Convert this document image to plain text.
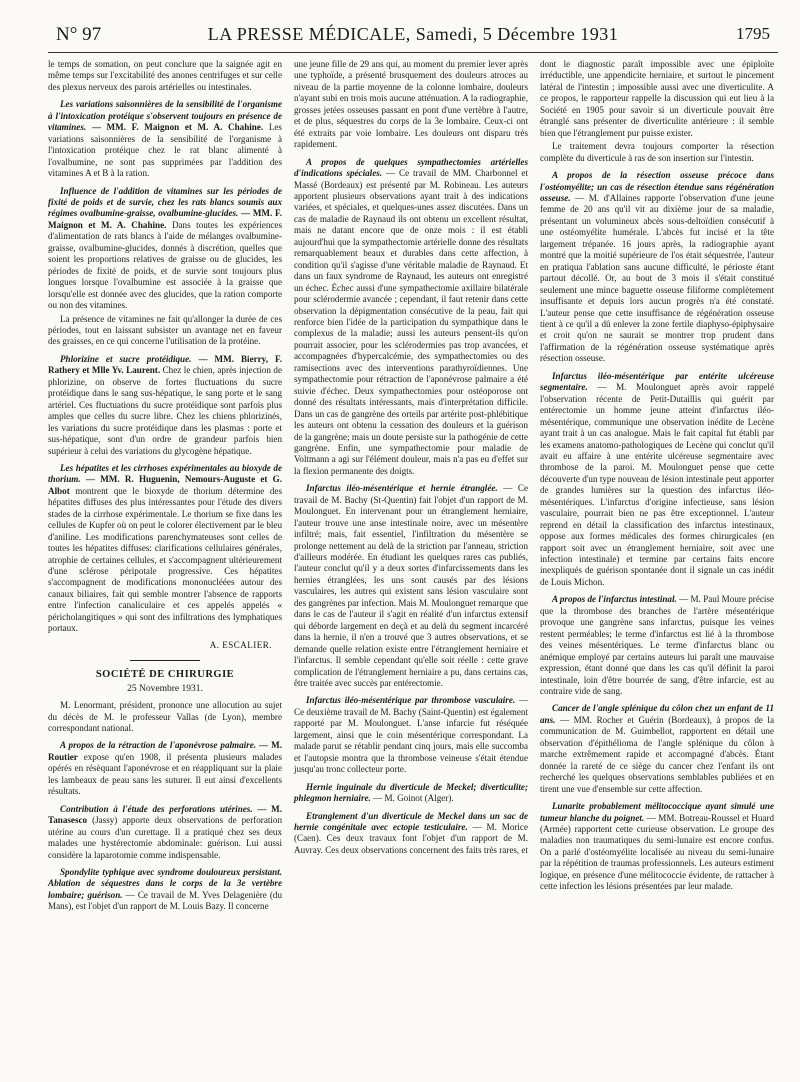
N° 97	LA PRESSE MÉDICALE, Samedi, 5 Décembre 1931	1795

le temps de somation, on peut conclure que la saignée agit en même temps sur l'excitabilité des anones centrifuges et sur celle des plexus nerveux des parois artérielles ou intestinales.

Les variations saisonnières de la sensibilité de l'organisme à l'intoxication protéique s'observent toujours en présence de vitamines. — MM. F. Maignon et M. A. Chahine. Les variations saisonnières de la sensibilité de l'organisme à l'intoxication protéique chez le rat blanc alimenté à l'ovalbumine, ne sont pas supprimées par l'addition des vitamines A et B à la ration.

Influence de l'addition de vitamines sur les périodes de fixité de poids et de survie, chez les rats blancs soumis aux régimes ovalbumine-graisse, ovalbumine-glucides. — MM. F. Maignon et M. A. Chahine. Dans toutes les expériences d'alimentation de rats blancs à l'aide de mélanges ovalbumine-graisse, ovalbumine-glucides, donnés à discrétion, quelles que soient les proportions relatives de graisse ou de glucides, les périodes de fixité de poids, et de survie sont toujours plus longues lorsque l'ovalbumine est associée à la graisse que lorsqu'elle est donnée avec des glucides, que la ration comporte ou non des vitamines.

La présence de vitamines ne fait qu'allonger la durée de ces périodes, tout en laissant subsister un avantage net en faveur des graisses, en ce qui concerne l'utilisation de la protéine.

Phlorizine et sucre protéidique. — MM. Bierry, F. Rathery et Mlle Yv. Laurent. Chez le chien, après injection de phlorizine, on observe de fortes fluctuations du sucre protéidique dans le sang sus-hépatique, le sang porte et le sang artériel. Ces fluctuations du sucre protéidique sont parfois plus amples que celles du sucre libre. Chez les chiens phlorizinés, les variations du sucre protéidique dans les plasmas : porte et sus-hépatique, sont d'un ordre de grandeur parfois bien supérieur à celui des variations du glycogène hépatique.

Les hépatites et les cirrhoses expérimentales au bioxyde de thorium. — MM. R. Huguenin, Nemours-Auguste et G. Albot montrent que le bioxyde de thorium détermine des hépatites diffuses des plus intéressantes pour l'étude des divers stades de la cirrhose expérimentale. Le thorium se fixe dans les cellules de Kupfer où on peut le colorer électivement par le bleu d'aniline. Les modifications parenchymateuses sont celles de toutes les hépatites diffuses: clarifications cellulaires générales, atrophie de certaines cellules, et s'accompagnent ultérieurement d'une sclérose péripotale progressive. Ces hépatites s'accompagnent de modifications mononucléées autour des canaux biliaires, fait qui semble montrer l'absence de rapports entre l'infection canaliculaire et ces appelés appelés « péricholangitiques » qui sont des infiltrations des lymphatiques portaux.

A. ESCALIER.
SOCIÉTÉ DE CHIRURGIE
25 Novembre 1931.

M. Lenormant, président, prononce une allocution au sujet du décès de M. le professeur Vallas (de Lyon), membre correspondant national.

A propos de la rétraction de l'aponévrose palmaire. — M. Routier expose qu'en 1908, il présenta plusieurs malades opérés en résèquant l'aponévrose et en réappliquant sur la plaie les lambeaux de peau sans les suturer. Il eut ainsi d'excellents résultats.

Contribution à l'étude des perforations utérines. — M. Tanasesco (Jassy) apporte deux observations de perforation utérine au cours d'un curettage. Il a pratiqué chez ses deux malades une hystérectomie abdominale: guérison. Lui aussi considère la laparotomie comme indispensable.

Spondylite typhique avec syndrome douloureux persistant. Ablation de séquestres dans le corps de la 3e vertèbre lombaire; guérison. — Ce travail de M. Yves Delagenière (du Mans), est l'objet d'un rapport de M. Louis Bazy. Il concerne

une jeune fille de 29 ans qui, au moment du premier lever après une typhoïde, a présenté brusquement des douleurs atroces au niveau de la partie moyenne de la colonne lombaire, douleurs n'ayant subi en trois mois aucune atténuation. A la radiographie, grosses jetées osseuses passant en pont d'une vertèbre à l'autre, et de plus, séquestres du corps de la 3e lombaire. Ceux-ci ont été extraits par voie lombaire. Les douleurs ont disparu très rapidement.

A propos de quelques sympathectomies artérielles d'indications spéciales. — Ce travail de MM. Charbonnel et Massé (Bordeaux) est présenté par M. Robineau. Les auteurs apportent plusieurs observations ayant trait à des indications variées, et spéciales, et quelques-unes assez discutées. Dans un cas de maladie de Raynaud ils ont obtenu un excellent résultat, mais ne datant encore que de onze mois : il est établi aujourd'hui que la sympathectomie artérielle donne des résultats remarquablement beaux et durables dans cette affection, à condition qu'il s'agisse d'une véritable maladie de Raynaud. Et dans un faux syndrome de Raynaud, les auteurs ont enregistré un échec. Échec aussi d'une sympathectomie axillaire bilatérale pour sclérodermie avancée ; cependant, il faut retenir dans cette observation la dépigmentation consécutive de la peau, fait qui renforce bien l'idée de la participation du sympathique dans le complexus de la maladie; aussi les auteurs pensent-ils qu'on pourrait associer, pour les sclérodermies pas trop avancées, et accompagnées d'hypercalcémie, des sympathectomies ou des ramisections avec des interventions parathyroïdiennes. Une sympathectomie pour rétraction de l'aponévrose palmaire a été suivie d'échec. Deux sympathectomies pour ostéoporose ont donné des résultats intéressants, mais d'interprétation difficile. Dans un cas de gangrène des orteils par artérite post-phlébitique les auteurs ont obtenu la cessation des douleurs et la guérison de la gangrène; mais un doute persiste sur la pathogénie de cette gangrène. Enfin, une sympathectomie pour maladie de Voltmann a agi sur l'élément douleur, mais n'a pas eu d'effet sur la flexion permanente des doigts.

Infarctus iléo-mésentérique et hernie étranglée. — Ce travail de M. Bachy (St-Quentin) fait l'objet d'un rapport de M. Moulonguet. En intervenant pour un étranglement herniaire, l'auteur trouve une anse intestinale noire, avec un mésentère infiltré; mais, fait essentiel, l'infiltration du mésentère se prolonge nettement au delà de la striction par l'anneau, striction d'ailleurs modérée. En étudiant les quelques rares cas publiés, l'auteur conclut qu'il y a deux sortes d'infarcissements dans les hernies étranglées, les uns sont causés par des lésions vasculaires, les autres qui existent sans lésion vasculaire sont des gangrènes par infection. Mais M. Moulonguet remarque que dans le cas de l'auteur il s'agit en réalité d'un infarctus extensif qui déborde largement en deçà et au delà du segment incarcéré dans la hernie, il n'en a trouvé que 3 autres observations, et se demande quelle relation existe entre l'étranglement herniaire et l'infarctus. Il semble cependant qu'elle soit réelle : cette grave complication de l'étranglement herniaire a pu, dans certains cas, être traitée avec succès par entérectomie.

Infarctus iléo-mésentérique par thrombose vasculaire. — Ce deuxième travail de M. Bachy (Saint-Quentin) est également rapporté par M. Moulonguet. L'anse infarcie fut réséquée largement, ainsi que le coin mésentérique correspondant. La malade parut se rétablir pendant cinq jours, mais elle succomba et l'autopsie montra que la thrombose veineuse s'était étendue jusqu'au tronc collecteur porte.

Hernie inguinale du diverticule de Meckel; diverticulite; phlegmon herniaire. — M. Goinot (Alger).

Etranglement d'un diverticule de Meckel dans un sac de hernie congénitale avec ectopie testiculaire. — M. Morice (Caen). Ces deux travaux font l'objet d'un rapport de M. Auvray. Ces deux observations concernent des faits très rares, et

dont le diagnostic paraît impossible avec une épiploïte irréductible, une appendicite herniaire, et surtout le pincement latéral de l'intestin ; impossible aussi avec une diverticulite. A ce propos, le rapporteur rappelle la discussion qui eut lieu à la Société en 1905 pour savoir si un diverticule pouvait être étranglé sans présenter de diverticulite antérieure : il semble bien que l'étranglement pur puisse exister.

Le traitement devra toujours comporter la résection complète du diverticule à ras de son insertion sur l'intestin.

A propos de la résection osseuse précoce dans l'ostéomyélite; un cas de résection étendue sans régénération osseuse. — M. d'Allaines rapporte l'observation d'une jeune femme de 20 ans qu'il vit au dixième jour de sa maladie, présentant un volumineux abcès sous-deltoïdien consécutif à une ostéomyélite humérale. L'abcès fut incisé et la tête largement trépanée. 16 jours après, la radiographie ayant montré que la moitié supérieure de l'os était séquestrée, l'auteur en pratiqua l'ablation sans aucune difficulté, le périoste étant partout décollé. Or, au bout de 3 mois il s'était constitué seulement une mince baguette osseuse filiforme complètement insuffisante et depuis lors aucun progrès n'a été constaté. L'auteur pense que cette insuffisance de régénération osseuse tient à ce qu'il a dû enlever la zone fertile diaphyso-épiphysaire et croit qu'on ne saurait se montrer trop prudent dans l'affirmation de la régénération osseuse systématique après résection osseuse.

Infarctus iléo-mésentérique par entérite ulcéreuse segmentaire. — M. Moulonguet après avoir rappelé l'observation récente de Petit-Dutaillis qui guérit par entérectomie un homme jeune atteint d'infarctus iléo-mésentérique, communique une observation inédite de Lecène ayant trait à un cas analogue. Mais le fait capital fut établi par les examens anatomo-pathologiques de Lecène qui conclut qu'il avait eu affaire à une entérite ulcéreuse segmentaire avec thrombose de la paroi. M. Moulonguet pense que cette découverte d'un type nouveau de lésion intestinale peut apporter de grandes lumières sur la question des infarctus iléo-mésentériques. L'infarctus d'origine infectieuse, sans lésion vasculaire, pourrait bien ne pas être exceptionnel. L'auteur reprend en détail la classification des infarctus intestinaux, oppose aux formes médicales des formes chirurgicales (en rapport soit avec un étranglement herniaire, soit avec une infection intestinale) et termine par certains faits encore inexpliqués de guérison spontanée dont il signale un cas inédit de Louis Michon.

A propos de l'infarctus intestinal. — M. Paul Moure précise que la thrombose des branches de l'artère mésentérique provoque une gangrène sans infarctus, puisque les veines restent perméables; le terme d'infarctus est lié à la thrombose des veines mésentériques. Le terme d'infarctus blanc ou anémique employé par certains auteurs lui paraît une mauvaise expression, étant donné que dans les cas qu'il définit la paroi intestinale, loin d'être bourrée de sang, d'être infarcie, est au contraire vide de sang.

Cancer de l'angle splénique du côlon chez un enfant de 11 ans. — MM. Rocher et Guérin (Bordeaux), à propos de la communication de M. Guimbellot, rapportent en détail une observation d'épithélioma de l'angle splénique du côlon à marche extrêmement rapide et accompagné d'abcès. Étant donnée la rareté de ce siège du cancer chez l'enfant ils ont recherché les quelques observations semblables publiées et en tirent une vue d'ensemble sur cette affection.

Lunarite probablement mélitococcique ayant simulé une tumeur blanche du poignet. — MM. Botreau-Roussel et Huard (Armée) rapportent cette curieuse observation. Le groupe des maladies non traumatiques du semi-lunaire est encore confus. On a parlé d'ostéomyélite localisée au niveau du semi-lunaire par la répétition de traumas professionnels. Les auteurs estiment logique, en présence d'une mélitococcie évidente, de rattacher à cette infection les lésions présentées par leur malade.
